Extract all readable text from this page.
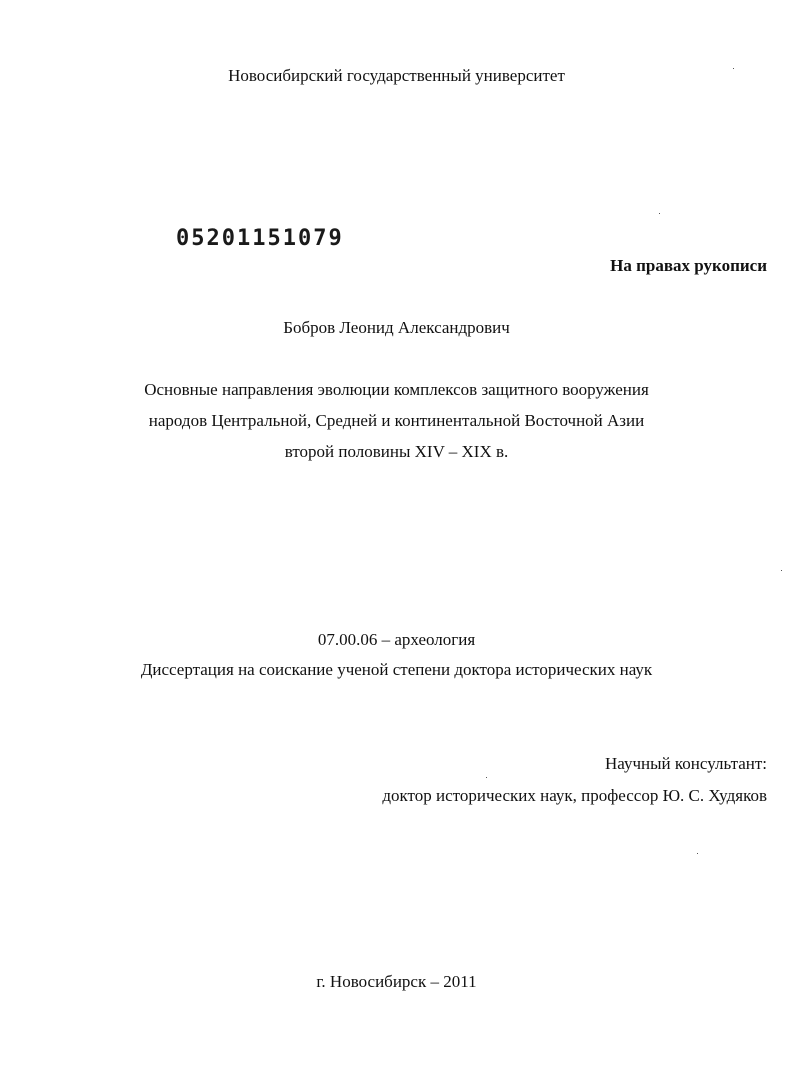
Новосибирский государственный университет
05201151079
На правах рукописи
Бобров Леонид Александрович
Основные направления эволюции комплексов защитного вооружения
народов Центральной, Средней и континентальной Восточной Азии
второй половины XIV – XIX в.
07.00.06 – археология
Диссертация на соискание ученой степени доктора исторических наук
Научный консультант:
доктор исторических наук, профессор Ю. С. Худяков
г. Новосибирск – 2011
